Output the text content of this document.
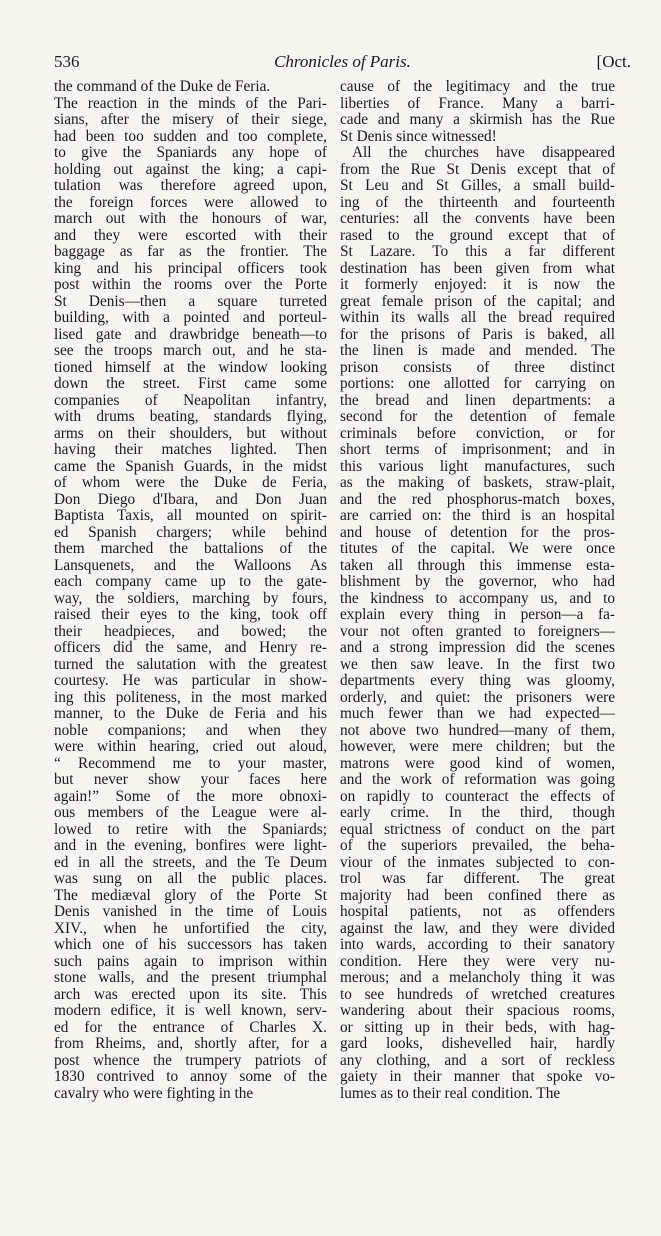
536	Chronicles of Paris.	[Oct.
the command of the Duke de Feria.
The reaction in the minds of the Pari-
sians, after the misery of their siege,
had been too sudden and too complete,
to give the Spaniards any hope of
holding out against the king; a capi-
tulation was therefore agreed upon,
the foreign forces were allowed to
march out with the honours of war,
and they were escorted with their
baggage as far as the frontier. The
king and his principal officers took
post within the rooms over the Porte
St Denis—then a square turreted
building, with a pointed and porteul-
lised gate and drawbridge beneath—to
see the troops march out, and he sta-
tioned himself at the window looking
down the street. First came some
companies of Neapolitan infantry,
with drums beating, standards flying,
arms on their shoulders, but without
having their matches lighted. Then
came the Spanish Guards, in the midst
of whom were the Duke de Feria,
Don Diego d'Ibara, and Don Juan
Baptista Taxis, all mounted on spirit-
ed Spanish chargers; while behind
them marched the battalions of the
Lansquenets, and the Walloons As
each company came up to the gate-
way, the soldiers, marching by fours,
raised their eyes to the king, took off
their headpieces, and bowed; the
officers did the same, and Henry re-
turned the salutation with the greatest
courtesy. He was particular in show-
ing this politeness, in the most marked
manner, to the Duke de Feria and his
noble companions; and when they
were within hearing, cried out aloud,
“ Recommend me to your master,
but never show your faces here
again!” Some of the more obnoxi-
ous members of the League were al-
lowed to retire with the Spaniards;
and in the evening, bonfires were light-
ed in all the streets, and the Te Deum
was sung on all the public places.
The mediæval glory of the Porte St
Denis vanished in the time of Louis
XIV., when he unfortified the city,
which one of his successors has taken
such pains again to imprison within
stone walls, and the present triumphal
arch was erected upon its site. This
modern edifice, it is well known, serv-
ed for the entrance of Charles X.
from Rheims, and, shortly after, for a
post whence the trumpery patriots of
1830 contrived to annoy some of the
cavalry who were fighting in the
cause of the legitimacy and the true
liberties of France. Many a barri-
cade and many a skirmish has the Rue
St Denis since witnessed!
All the churches have disappeared
from the Rue St Denis except that of
St Leu and St Gilles, a small build-
ing of the thirteenth and fourteenth
centuries: all the convents have been
rased to the ground except that of
St Lazare. To this a far different
destination has been given from what
it formerly enjoyed: it is now the
great female prison of the capital; and
within its walls all the bread required
for the prisons of Paris is baked, all
the linen is made and mended. The
prison consists of three distinct
portions: one allotted for carrying on
the bread and linen departments: a
second for the detention of female
criminals before conviction, or for
short terms of imprisonment; and in
this various light manufactures, such
as the making of baskets, straw-plait,
and the red phosphorus-match boxes,
are carried on: the third is an hospital
and house of detention for the pros-
titutes of the capital. We were once
taken all through this immense esta-
blishment by the governor, who had
the kindness to accompany us, and to
explain every thing in person—a fa-
vour not often granted to foreigners—
and a strong impression did the scenes
we then saw leave. In the first two
departments every thing was gloomy,
orderly, and quiet: the prisoners were
much fewer than we had expected—
not above two hundred—many of them,
however, were mere children; but the
matrons were good kind of women,
and the work of reformation was going
on rapidly to counteract the effects of
early crime. In the third, though
equal strictness of conduct on the part
of the superiors prevailed, the beha-
viour of the inmates subjected to con-
trol was far different. The great
majority had been confined there as
hospital patients, not as offenders
against the law, and they were divided
into wards, according to their sanatory
condition. Here they were very nu-
merous; and a melancholy thing it was
to see hundreds of wretched creatures
wandering about their spacious rooms,
or sitting up in their beds, with hag-
gard looks, dishevelled hair, hardly
any clothing, and a sort of reckless
gaiety in their manner that spoke vo-
lumes as to their real condition. The
